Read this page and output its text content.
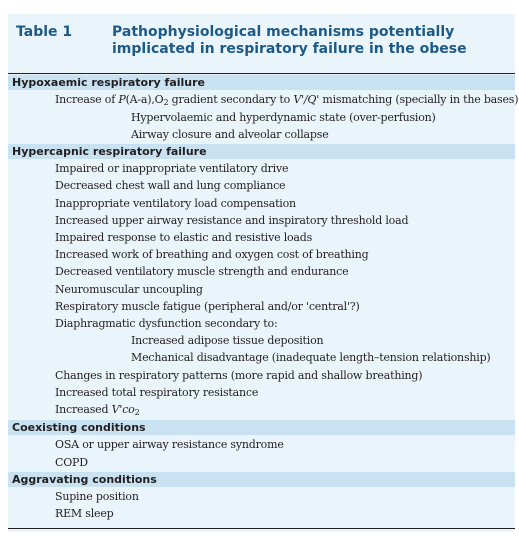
Table 1	Pathophysiological mechanisms potentially implicated in respiratory failure in the obese
Hypoxaemic respiratory failure
Increase of $P(A-a),O_2$ gradient secondary to V'/Q' mismatching (specially in the bases)
Hypervolaemic and hyperdynamic state (over-perfusion)
Airway closure and alveolar collapse
Hypercapnic respiratory failure
Impaired or inappropriate ventilatory drive
Decreased chest wall and lung compliance
Inappropriate ventilatory load compensation
Increased upper airway resistance and inspiratory threshold load
Impaired response to elastic and resistive loads
Increased work of breathing and oxygen cost of breathing
Decreased ventilatory muscle strength and endurance
Neuromuscular uncoupling
Respiratory muscle fatigue (peripheral and/or 'central'?)
Diaphragmatic dysfunction secondary to:
Increased adipose tissue deposition
Mechanical disadvantage (inadequate length–tension relationship)
Changes in respiratory patterns (more rapid and shallow breathing)
Increased total respiratory resistance
Increased $V'co_2$
Coexisting conditions
OSA or upper airway resistance syndrome
COPD
Aggravating conditions
Supine position
REM sleep
